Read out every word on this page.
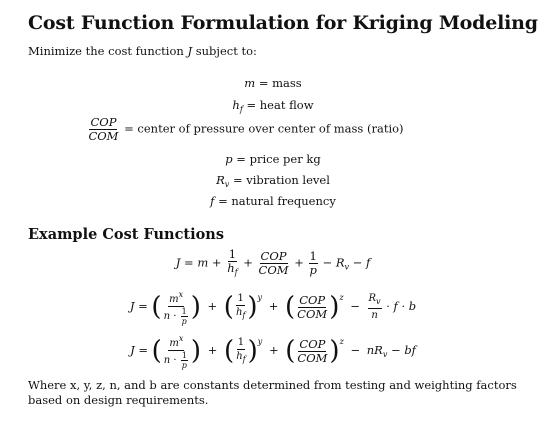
Cost Function Formulation for Kriging Modeling
Minimize the cost function J subject to:
m = mass
$h_f$ = heat flow
$\frac{\text{COP}}{\text{COM}}$ = center of pressure over center of mass (ratio)
p = price per kg
$R_v$ = vibration level
f = natural frequency
Example Cost Functions
$J = m + \frac{1}{h_f} + \frac{\text{COP}}{\text{COM}} + \frac{1}{p} - R_v - f$
J = ( $\frac{m^x}{n \cdot \frac{1}{p}}$ ) + ( $\frac{1}{h_f} )^y$ + ( $\frac{\text{COP}}{\text{COM}} )^z - \frac{R_v}{n} \cdot f \cdot b$
J = ( $\frac{m^x}{n \cdot \frac{1}{p}}$ ) + ( $\frac{1}{h_f} )^y$ + ( $\frac{\text{COP}}{\text{COM}} )^z - nR_v$ − bf
Where x, y, z, n, and b are constants determined from testing and weighting factors based on design requirements.
